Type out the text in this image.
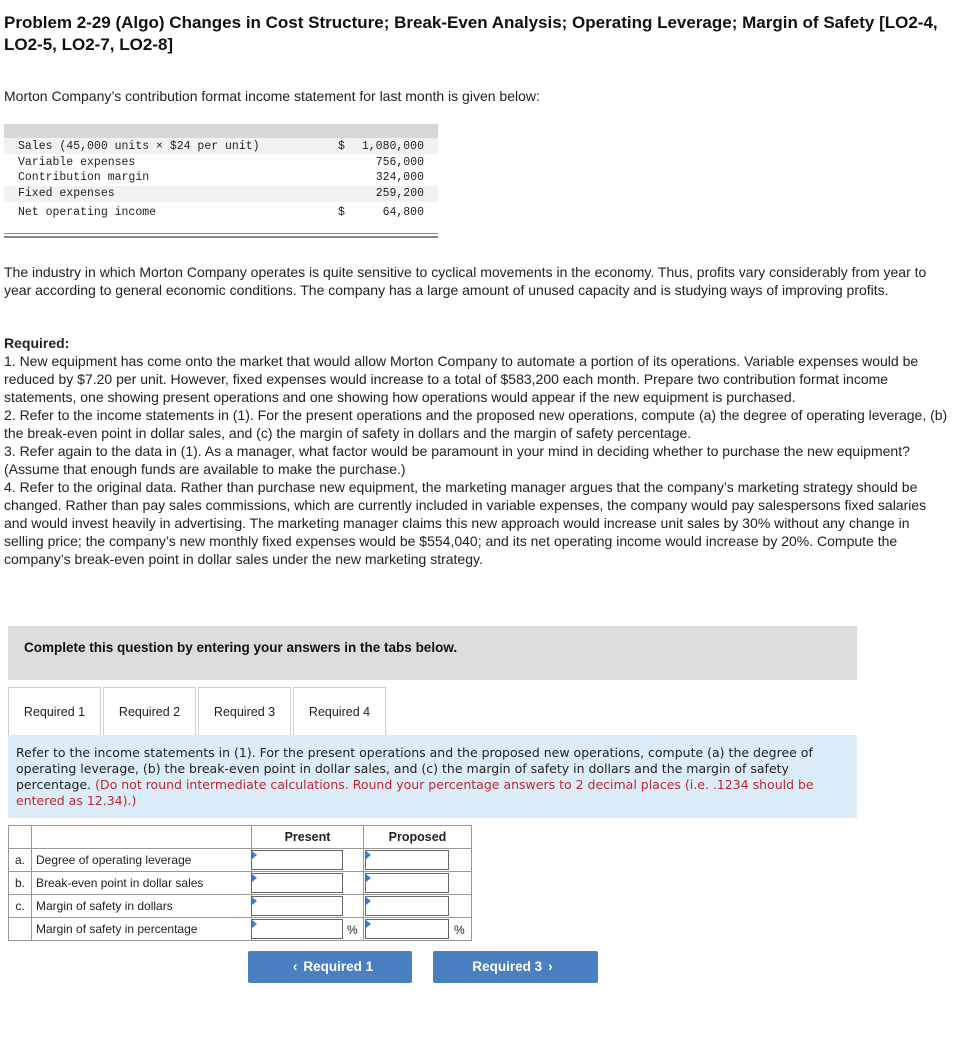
Problem 2-29 (Algo) Changes in Cost Structure; Break-Even Analysis; Operating Leverage; Margin of Safety [LO2-4, LO2-5, LO2-7, LO2-8]
Morton Company’s contribution format income statement for last month is given below:
Sales (45,000 units × $24 per unit)	$ 1,080,000
Variable expenses	756,000
Contribution margin	324,000
Fixed expenses	259,200
Net operating income	$	64,800
The industry in which Morton Company operates is quite sensitive to cyclical movements in the economy. Thus, profits vary considerably from year to year according to general economic conditions. The company has a large amount of unused capacity and is studying ways of improving profits.
Required:
1. New equipment has come onto the market that would allow Morton Company to automate a portion of its operations. Variable expenses would be reduced by $7.20 per unit. However, fixed expenses would increase to a total of $583,200 each month. Prepare two contribution format income statements, one showing present operations and one showing how operations would appear if the new equipment is purchased.
2. Refer to the income statements in (1). For the present operations and the proposed new operations, compute (a) the degree of operating leverage, (b) the break-even point in dollar sales, and (c) the margin of safety in dollars and the margin of safety percentage.
3. Refer again to the data in (1). As a manager, what factor would be paramount in your mind in deciding whether to purchase the new equipment? (Assume that enough funds are available to make the purchase.)
4. Refer to the original data. Rather than purchase new equipment, the marketing manager argues that the company’s marketing strategy should be changed. Rather than pay sales commissions, which are currently included in variable expenses, the company would pay salespersons fixed salaries and would invest heavily in advertising. The marketing manager claims this new approach would increase unit sales by 30% without any change in selling price; the company’s new monthly fixed expenses would be $554,040; and its net operating income would increase by 20%. Compute the company’s break-even point in dollar sales under the new marketing strategy.
Complete this question by entering your answers in the tabs below.
Required 1	Required 2	Required 3	Required 4
Refer to the income statements in (1). For the present operations and the proposed new operations, compute (a) the degree of operating leverage, (b) the break-even point in dollar sales, and (c) the margin of safety in dollars and the margin of safety percentage. (Do not round intermediate calculations. Round your percentage answers to 2 decimal places (i.e. .1234 should be entered as 12.34).)
Present	Proposed
a. Degree of operating leverage
b. Break-even point in dollar sales
c. Margin of safety in dollars
Margin of safety in percentage	%	%
‹ Required 1	Required 3 ›
